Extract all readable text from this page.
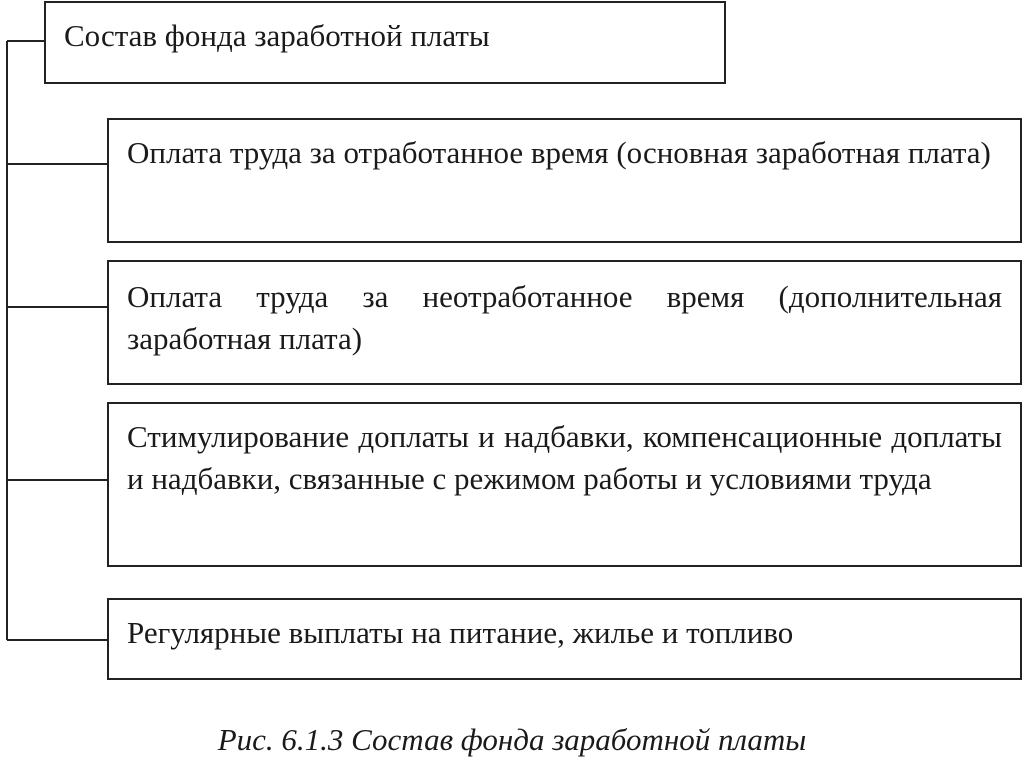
Состав фонда заработной платы
Оплата труда за отработанное время (основная заработная плата)
Оплата труда за неотработанное время (дополнительная заработная плата)
Стимулирование доплаты и надбавки, компенсационные доплаты и надбавки, связанные с режимом работы и условиями труда
Регулярные выплаты на питание, жилье и топливо
Рис. 6.1.3 Состав фонда заработной платы
